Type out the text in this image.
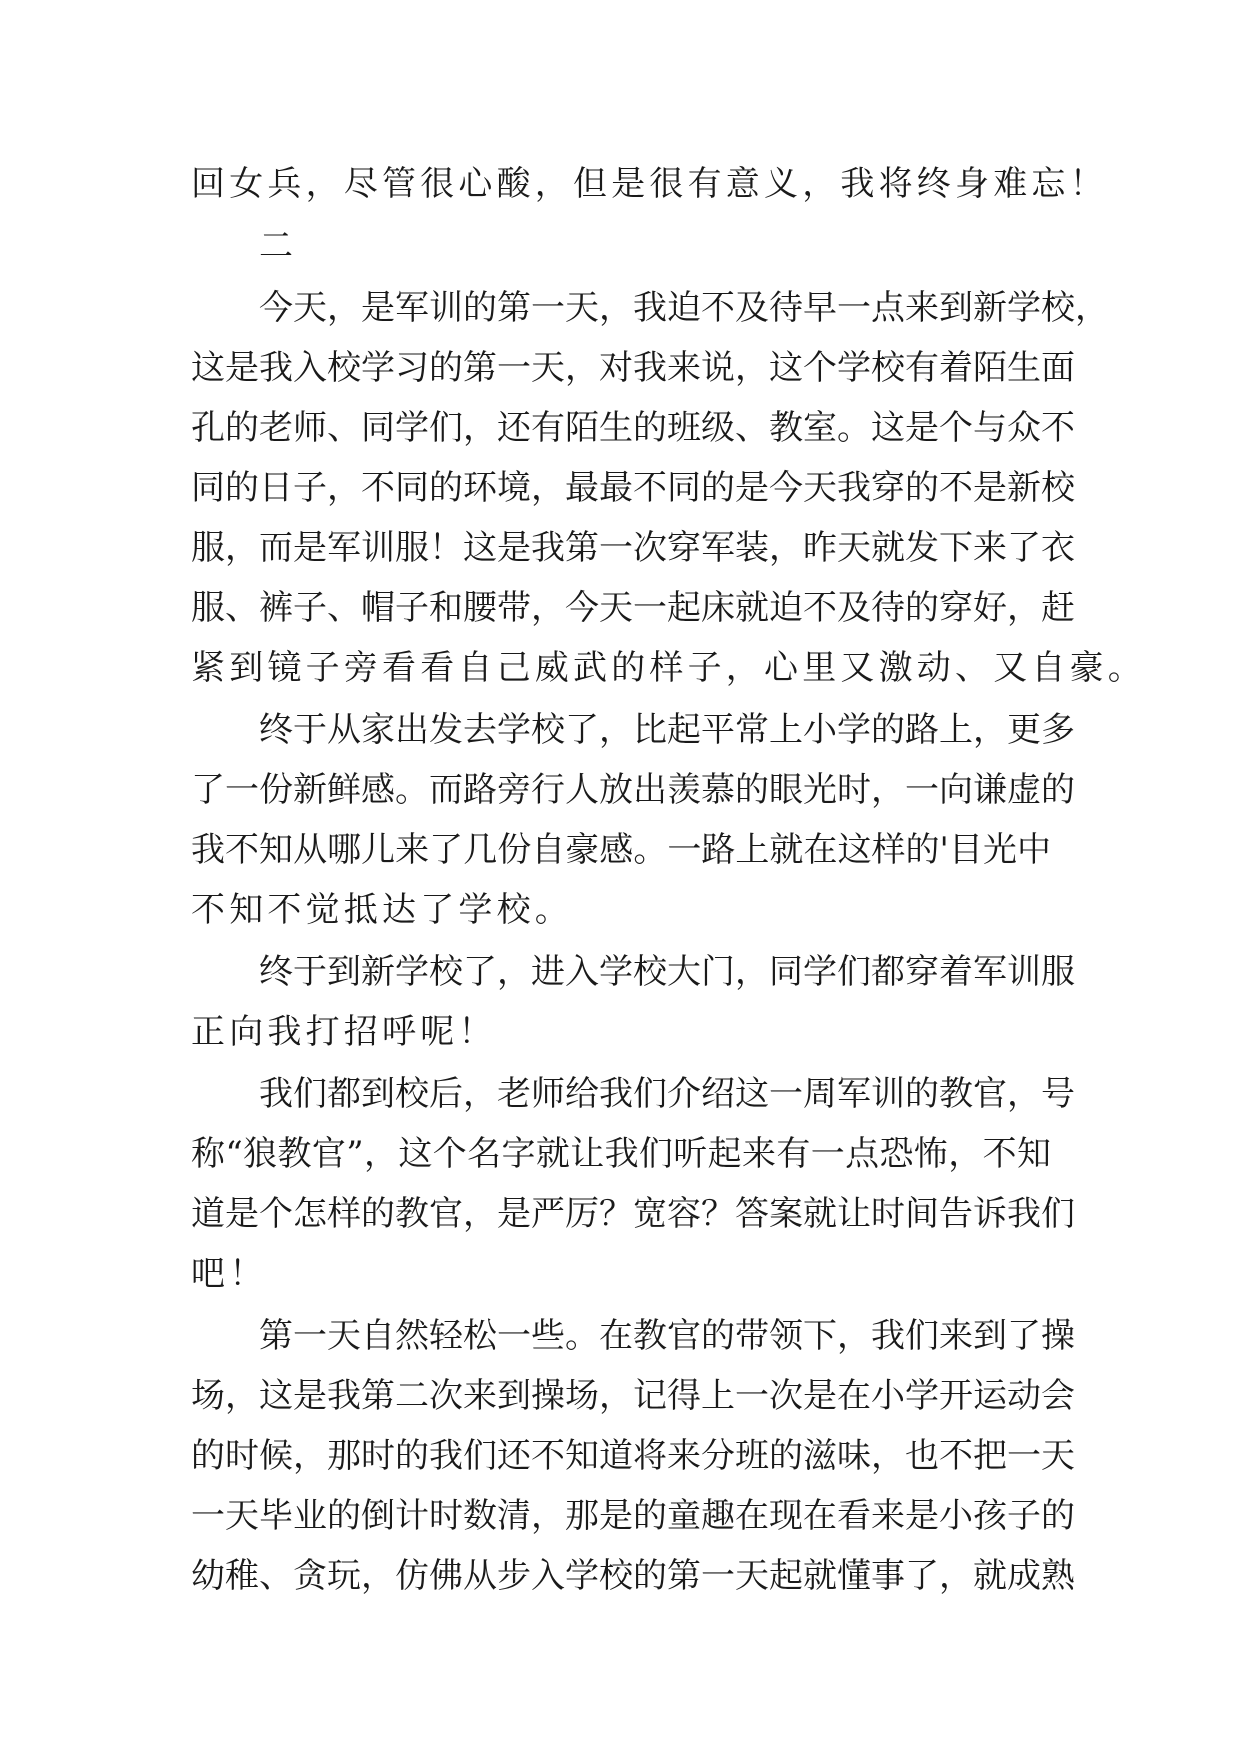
回女兵，尽管很心酸，但是很有意义，我将终身难忘！
二
今天，是军训的第一天，我迫不及待早一点来到新学校，
这是我入校学习的第一天，对我来说，这个学校有着陌生面
孔的老师、同学们，还有陌生的班级、教室。这是个与众不
同的日子，不同的环境，最最不同的是今天我穿的不是新校
服，而是军训服！这是我第一次穿军装，昨天就发下来了衣
服、裤子、帽子和腰带，今天一起床就迫不及待的穿好，赶
紧到镜子旁看看自己威武的样子，心里又激动、又自豪。
终于从家出发去学校了，比起平常上小学的路上，更多
了一份新鲜感。而路旁行人放出羡慕的眼光时，一向谦虚的
我不知从哪儿来了几份自豪感。一路上就在这样的'目光中
不知不觉抵达了学校。
终于到新学校了，进入学校大门，同学们都穿着军训服
正向我打招呼呢！
我们都到校后，老师给我们介绍这一周军训的教官，号
称“狼教官”，这个名字就让我们听起来有一点恐怖，不知
道是个怎样的教官，是严厉？宽容？答案就让时间告诉我们
吧！
第一天自然轻松一些。在教官的带领下，我们来到了操
场，这是我第二次来到操场，记得上一次是在小学开运动会
的时候，那时的我们还不知道将来分班的滋味，也不把一天
一天毕业的倒计时数清，那是的童趣在现在看来是小孩子的
幼稚、贪玩，仿佛从步入学校的第一天起就懂事了，就成熟
